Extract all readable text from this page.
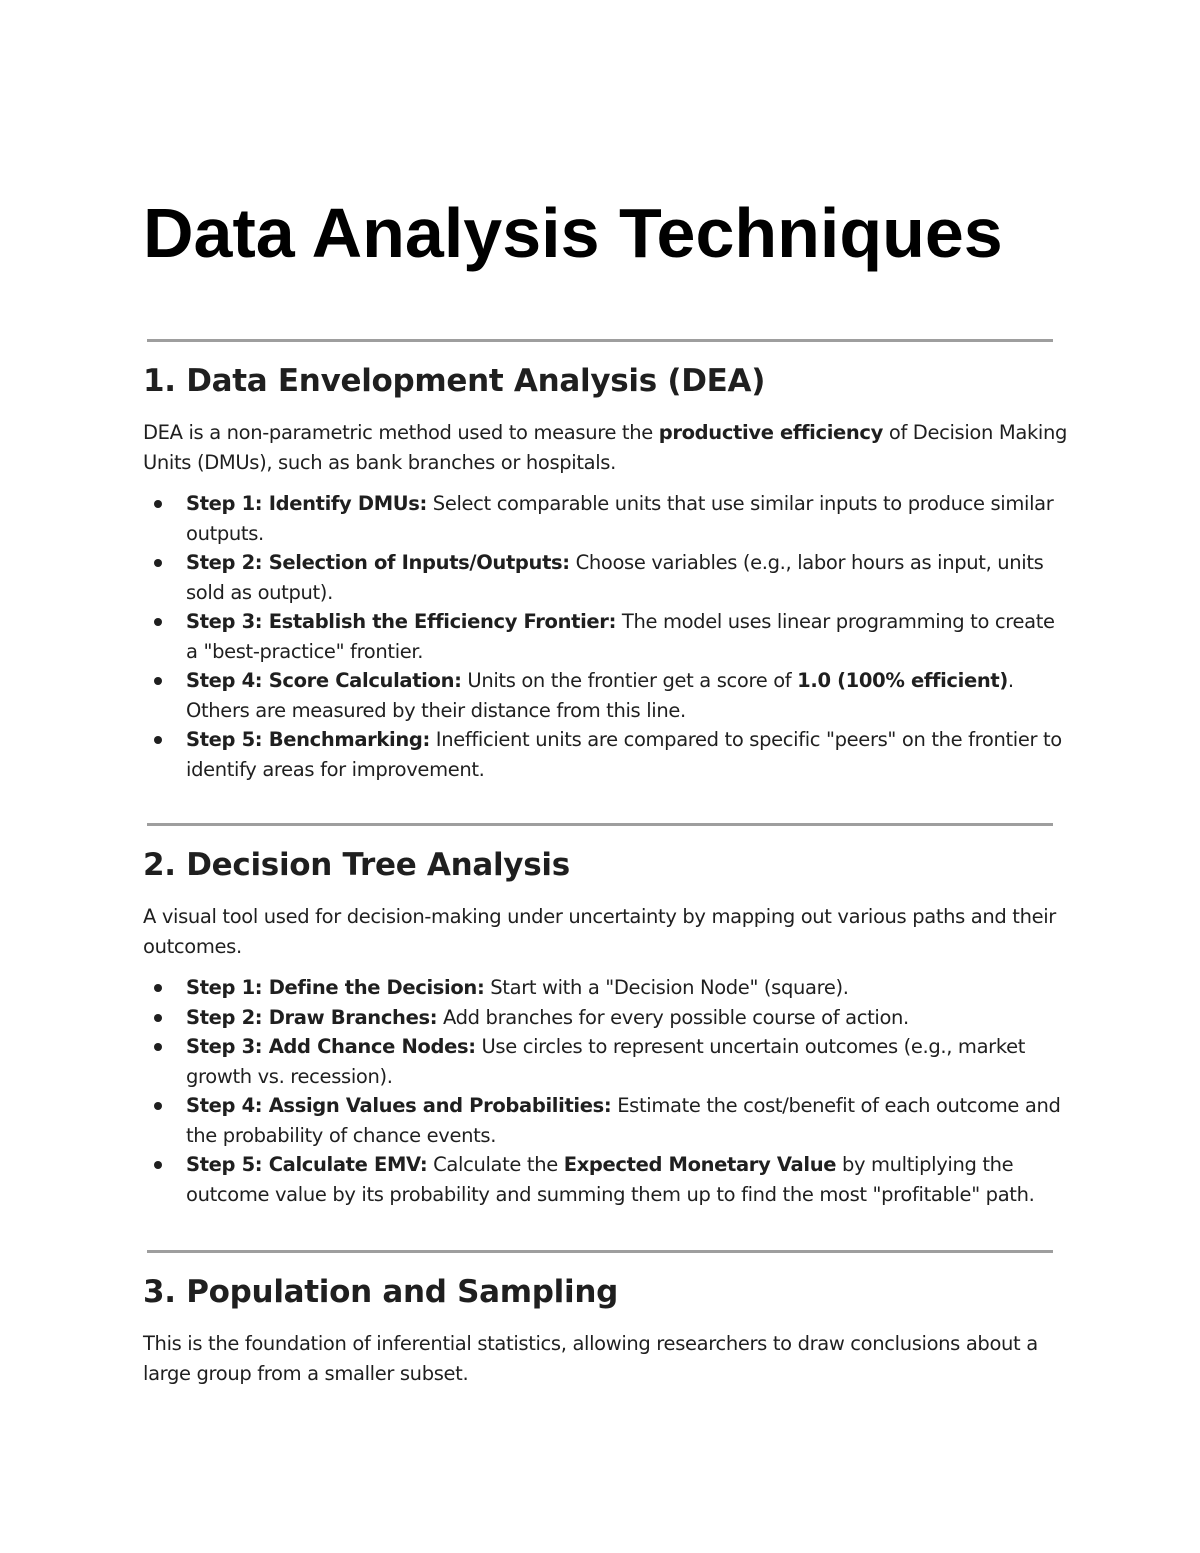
Data Analysis Techniques
1. Data Envelopment Analysis (DEA)

DEA is a non-parametric method used to measure the productive efficiency of Decision Making Units (DMUs), such as bank branches or hospitals.

Step 1: Identify DMUs: Select comparable units that use similar inputs to produce similar outputs.
Step 2: Selection of Inputs/Outputs: Choose variables (e.g., labor hours as input, units sold as output).
Step 3: Establish the Efficiency Frontier: The model uses linear programming to create a "best-practice" frontier.
Step 4: Score Calculation: Units on the frontier get a score of 1.0 (100% efficient). Others are measured by their distance from this line.
Step 5: Benchmarking: Inefficient units are compared to specific "peers" on the frontier to identify areas for improvement.
2. Decision Tree Analysis

A visual tool used for decision-making under uncertainty by mapping out various paths and their outcomes.

Step 1: Define the Decision: Start with a "Decision Node" (square).
Step 2: Draw Branches: Add branches for every possible course of action.
Step 3: Add Chance Nodes: Use circles to represent uncertain outcomes (e.g., market growth vs. recession).
Step 4: Assign Values and Probabilities: Estimate the cost/benefit of each outcome and the probability of chance events.
Step 5: Calculate EMV: Calculate the Expected Monetary Value by multiplying the outcome value by its probability and summing them up to find the most "profitable" path.
3. Population and Sampling

This is the foundation of inferential statistics, allowing researchers to draw conclusions about a large group from a smaller subset.
